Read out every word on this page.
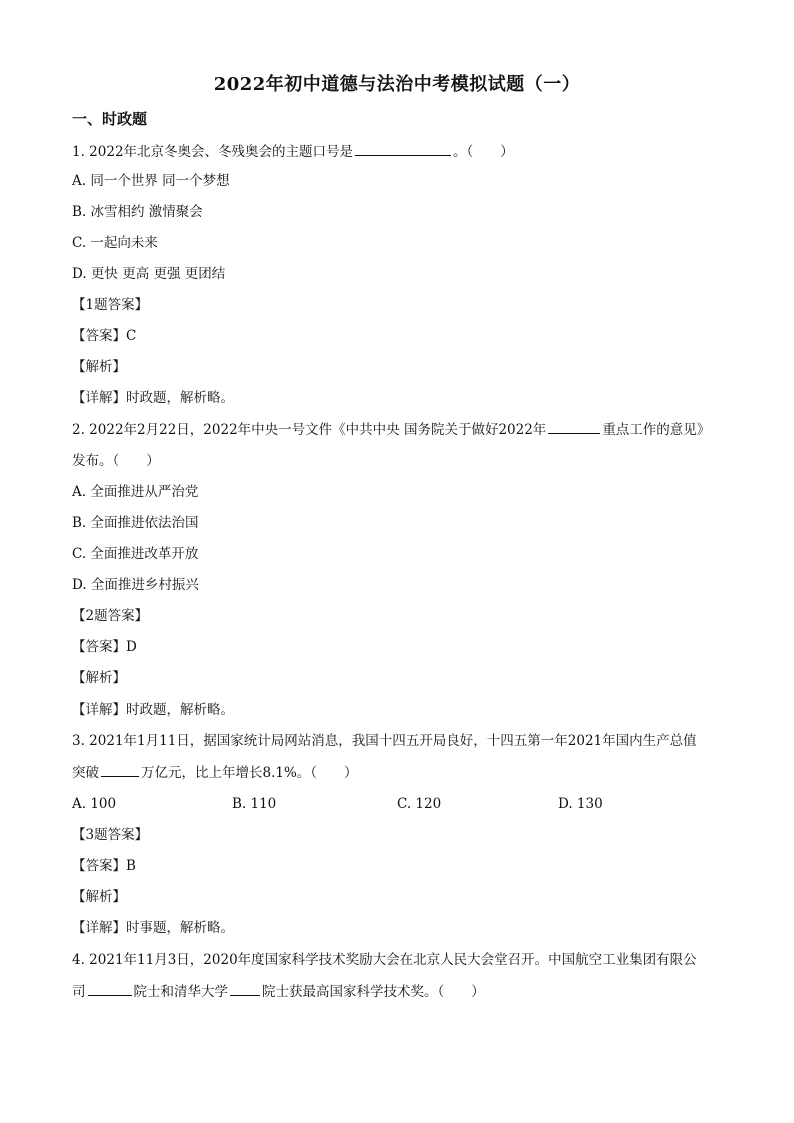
2022年初中道德与法治中考模拟试题（一）
一、时政题
1. 2022年北京冬奥会、冬残奥会的主题口号是	。（　　）
A. 同一个世界 同一个梦想
B. 冰雪相约 激情聚会
C. 一起向未来
D. 更快 更高 更强 更团结
【1题答案】
【答案】C
【解析】
【详解】时政题，解析略。
2. 2022年2月22日，2022年中央一号文件《中共中央 国务院关于做好2022年	重点工作的意见》
发布。（　　）
A. 全面推进从严治党
B. 全面推进依法治国
C. 全面推进改革开放
D. 全面推进乡村振兴
【2题答案】
【答案】D
【解析】
【详解】时政题，解析略。
3. 2021年1月11日，据国家统计局网站消息，我国十四五开局良好，十四五第一年2021年国内生产总值
突破	万亿元，比上年增长8.1%。（　　）
A. 100	B. 110	C. 120	D. 130
【3题答案】
【答案】B
【解析】
【详解】时事题，解析略。
4. 2021年11月3日，2020年度国家科学技术奖励大会在北京人民大会堂召开。中国航空工业集团有限公
司	院士和清华大学	院士获最高国家科学技术奖。（　　）
